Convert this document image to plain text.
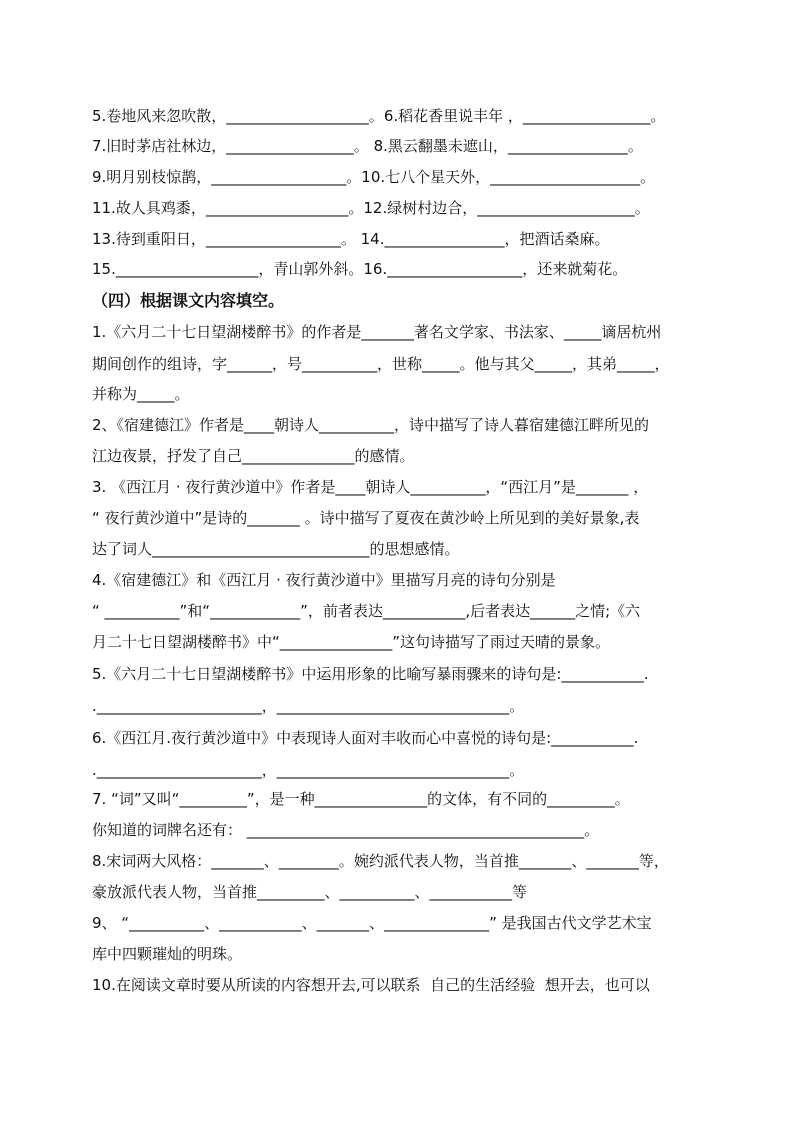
5.卷地风来忽吹散，___________________。6.稻花香里说丰年 ，_________________。
7.旧时茅店社林边，_________________。 8.黑云翻墨未遮山，________________。
9.明月别枝惊鹊，__________________。10.七八个星天外，____________________。
11.故人具鸡黍，___________________。12.绿树村边合，_____________________。
13.待到重阳日，__________________。 14.________________，把酒话桑麻。
15.___________________，青山郭外斜。16.__________________，还来就菊花。
（四）根据课文内容填空。
1.《六月二十七日望湖楼醉书》的作者是_______著名文学家、书法家、_____谪居杭州
期间创作的组诗，字______，号__________，世称_____。他与其父_____，其弟_____，
并称为_____。
2、《宿建德江》作者是____朝诗人__________，诗中描写了诗人暮宿建德江畔所见的
江边夜景，抒发了自己_______________的感情。
3. 《西江月 · 夜行黄沙道中》作者是____朝诗人__________，“西江月”是_______ ，
“ 夜行黄沙道中”是诗的_______ 。诗中描写了夏夜在黄沙岭上所见到的美好景象,表
达了词人_____________________________的思想感情。
4.《宿建德江》和《西江月 · 夜行黄沙道中》里描写月亮的诗句分别是
“ __________”和“____________”，前者表达___________,后者表达______之情;《六
月二十七日望湖楼醉书》中“_______________”这句诗描写了雨过天晴的景象。
5.《六月二十七日望湖楼醉书》中运用形象的比喻写暴雨骤来的诗句是:___________.
.______________________，_______________________________。
6.《西江月.夜行黄沙道中》中表现诗人面对丰收而心中喜悦的诗句是:___________.
.______________________，_______________________________。
7. “词”又叫“_________”，是一种_______________的文体，有不同的_________。
你知道的词牌名还有： _____________________________________________。
8.宋词两大风格：_______、________。婉约派代表人物，当首推_______、_______等，
豪放派代表人物，当首推_________、__________、___________等
9、 “__________、___________、_______、______________” 是我国古代文学艺术宝
库中四颗璀灿的明珠。
10.在阅读文章时要从所读的内容想开去,可以联系  自己的生活经验  想开去，也可以
